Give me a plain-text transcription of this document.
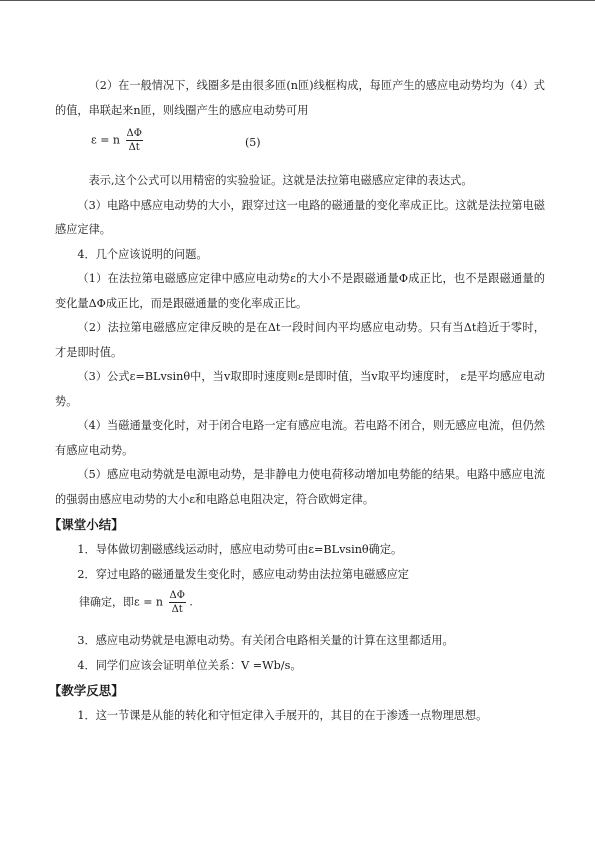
（2）在一般情况下，线圈多是由很多匝(n匝)线框构成，每匝产生的感应电动势均为（4）式的值，串联起来n匝，则线圈产生的感应电动势可用

ε = n $\frac{\Delta\Phi}{\Delta t}$	(5)

表示,这个公式可以用精密的实验验证。这就是法拉第电磁感应定律的表达式。

（3）电路中感应电动势的大小，跟穿过这一电路的磁通量的变化率成正比。这就是法拉第电磁感应定律。

4．几个应该说明的问题。

（1）在法拉第电磁感应定律中感应电动势ε的大小不是跟磁通量Φ成正比，也不是跟磁通量的变化量ΔΦ成正比，而是跟磁通量的变化率成正比。

（2）法拉第电磁感应定律反映的是在Δt一段时间内平均感应电动势。只有当Δt趋近于零时，才是即时值。

（3）公式ε=BLvsinθ中，当v取即时速度则ε是即时值，当v取平均速度时， ε是平均感应电动势。

（4）当磁通量变化时，对于闭合电路一定有感应电流。若电路不闭合，则无感应电流，但仍然有感应电动势。

（5）感应电动势就是电源电动势，是非静电力使电荷移动增加电势能的结果。电路中感应电流的强弱由感应电动势的大小ε和电路总电阻决定，符合欧姆定律。

【课堂小结】

1．导体做切割磁感线运动时，感应电动势可由ε=BLvsinθ确定。

2．穿过电路的磁通量发生变化时，感应电动势由法拉第电磁感应定

律确定，即ε = n $\frac{\Delta\Phi}{\Delta t}$ .

3．感应电动势就是电源电动势。有关闭合电路相关量的计算在这里都适用。

4．同学们应该会证明单位关系：V =Wb/s。

【教学反思】

1．这一节课是从能的转化和守恒定律入手展开的，其目的在于渗透一点物理思想。
